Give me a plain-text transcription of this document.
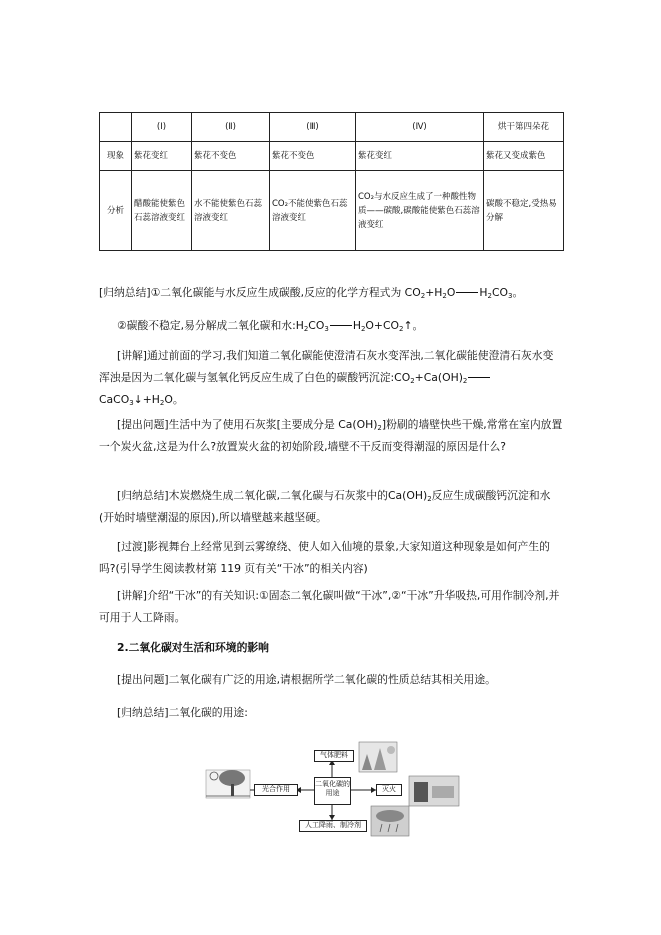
	(Ⅰ)	(Ⅱ)	(Ⅲ)	(Ⅳ)	烘干第四朵花
现象	紫花变红	紫花不变色	紫花不变色	紫花变红	紫花又变成紫色
分析	醋酸能使紫色石蕊溶液变红	水不能使紫色石蕊溶液变红	CO₂不能使紫色石蕊溶液变红	CO₂与水反应生成了一种酸性物质——碳酸,碳酸能使紫色石蕊溶液变红	碳酸不稳定,受热易分解
[归纳总结]①二氧化碳能与水反应生成碳酸,反应的化学方程式为 $CO_2+H_2O$ $H_2CO_3$。
②碳酸不稳定,易分解成二氧化碳和水$:H_2CO_3$ $H_2O+CO_2↑$。
[讲解]通过前面的学习,我们知道二氧化碳能使澄清石灰水变浑浊,二氧化碳能使澄清石灰水变浑浊是因为二氧化碳与氢氧化钙反应生成了白色的碳酸钙沉淀$:CO_2+Ca(OH)_2CaCO_3↓+H_2O$。
[提出问题]生活中为了使用石灰浆[主要成分是 $Ca(OH)_2$]粉刷的墙壁快些干燥,常常在室内放置一个炭火盆,这是为什么?放置炭火盆的初始阶段,墙壁不干反而变得潮湿的原因是什么?
[归纳总结]木炭燃烧生成二氧化碳,二氧化碳与石灰浆中的$Ca(OH)_2$反应生成碳酸钙沉淀和水(开始时墙壁潮湿的原因),所以墙壁越来越坚硬。
[过渡]影视舞台上经常见到云雾缭绕、使人如入仙境的景象,大家知道这种现象是如何产生的吗?(引导学生阅读教材第 119 页有关“干冰”的相关内容)
[讲解]介绍“干冰”的有关知识:①固态二氧化碳叫做“干冰”,②“干冰”升华吸热,可用作制冷剂,并可用于人工降雨。
2.二氧化碳对生活和环境的影响
[提出问题]二氧化碳有广泛的用途,请根据所学二氧化碳的性质总结其相关用途。
[归纳总结]二氧化碳的用途:
二氧化碳的用途
气体肥料
光合作用	灭火
人工降雨、制冷剂
